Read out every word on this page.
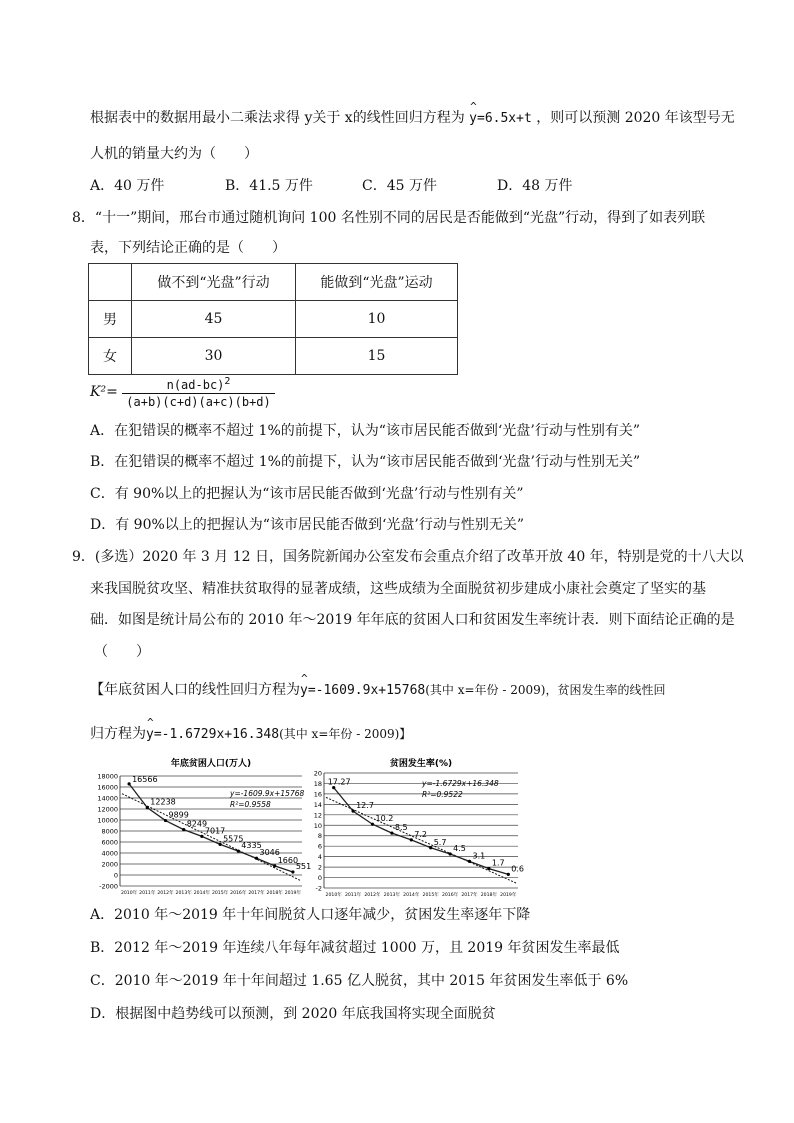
根据表中的数据用最小二乘法求得 y关于 x的线性回归方程为 ^ y=6.5x+t ，则可以预测 2020 年该型号无
人机的销量大约为（　　）
A．40 万件	B．41.5 万件	C．45 万件	D．48 万件
8．“十一”期间，邢台市通过随机询问 100 名性别不同的居民是否能做到“光盘”行动，得到了如表列联
表，下列结论正确的是（　　）
	做不到“光盘”行动	能做到“光盘”运动
男	45	10
女	30	15
$K^2= \frac{n(ad-bc)^2}{(a+b)(c+d)(a+c)(b+d)}$
A．在犯错误的概率不超过 1%的前提下，认为“该市居民能否做到‘光盘’行动与性别有关”
B．在犯错误的概率不超过 1%的前提下，认为“该市居民能否做到‘光盘’行动与性别无关”
C．有 90%以上的把握认为“该市居民能否做到‘光盘’行动与性别有关”
D．有 90%以上的把握认为“该市居民能否做到‘光盘’行动与性别无关”
9．(多选）2020 年 3 月 12 日，国务院新闻办公室发布会重点介绍了改革开放 40 年，特别是党的十八大以
来我国脱贫攻坚、精准扶贫取得的显著成绩，这些成绩为全面脱贫初步建成小康社会奠定了坚实的基
础．如图是统计局公布的 2010 年～2019 年年底的贫困人口和贫困发生率统计表．则下面结论正确的是
（　　）
【年底贫困人口的线性回归方程为^ y=-1609.9x+15768(其中 x=年份 - 2009)，贫困发生率的线性回
归方程为^ y=-1.6729x+16.348(其中 x=年份 - 2009)】
年底贫困人口(万人)
18000
16000
14000
12000
10000
8000
6000
4000
2000
0
-2000
2010年 2011年 2012年 2013年 2014年 2015年 2016年 2017年 2018年 2019年
16566
12238
9899
8249
7017
5575
4335
3046
1660
551
y=-1609.9x+15768
R²=0.9558
贫困发生率(%)
20
18
16
14
12
10
8
6
4
2
0
-2
2010年 2011年 2012年 2013年 2014年 2015年 2016年 2017年 2018年 2019年
17.27
12.7
10.2
8.5
7.2
5.7
4.5
3.1
1.7
0.6
y=-1.6729x+16.348
R²=0.9522
A．2010 年～2019 年十年间脱贫人口逐年减少，贫困发生率逐年下降
B．2012 年～2019 年连续八年每年减贫超过 1000 万，且 2019 年贫困发生率最低
C．2010 年～2019 年十年间超过 1.65 亿人脱贫，其中 2015 年贫困发生率低于 6%
D．根据图中趋势线可以预测，到 2020 年底我国将实现全面脱贫
